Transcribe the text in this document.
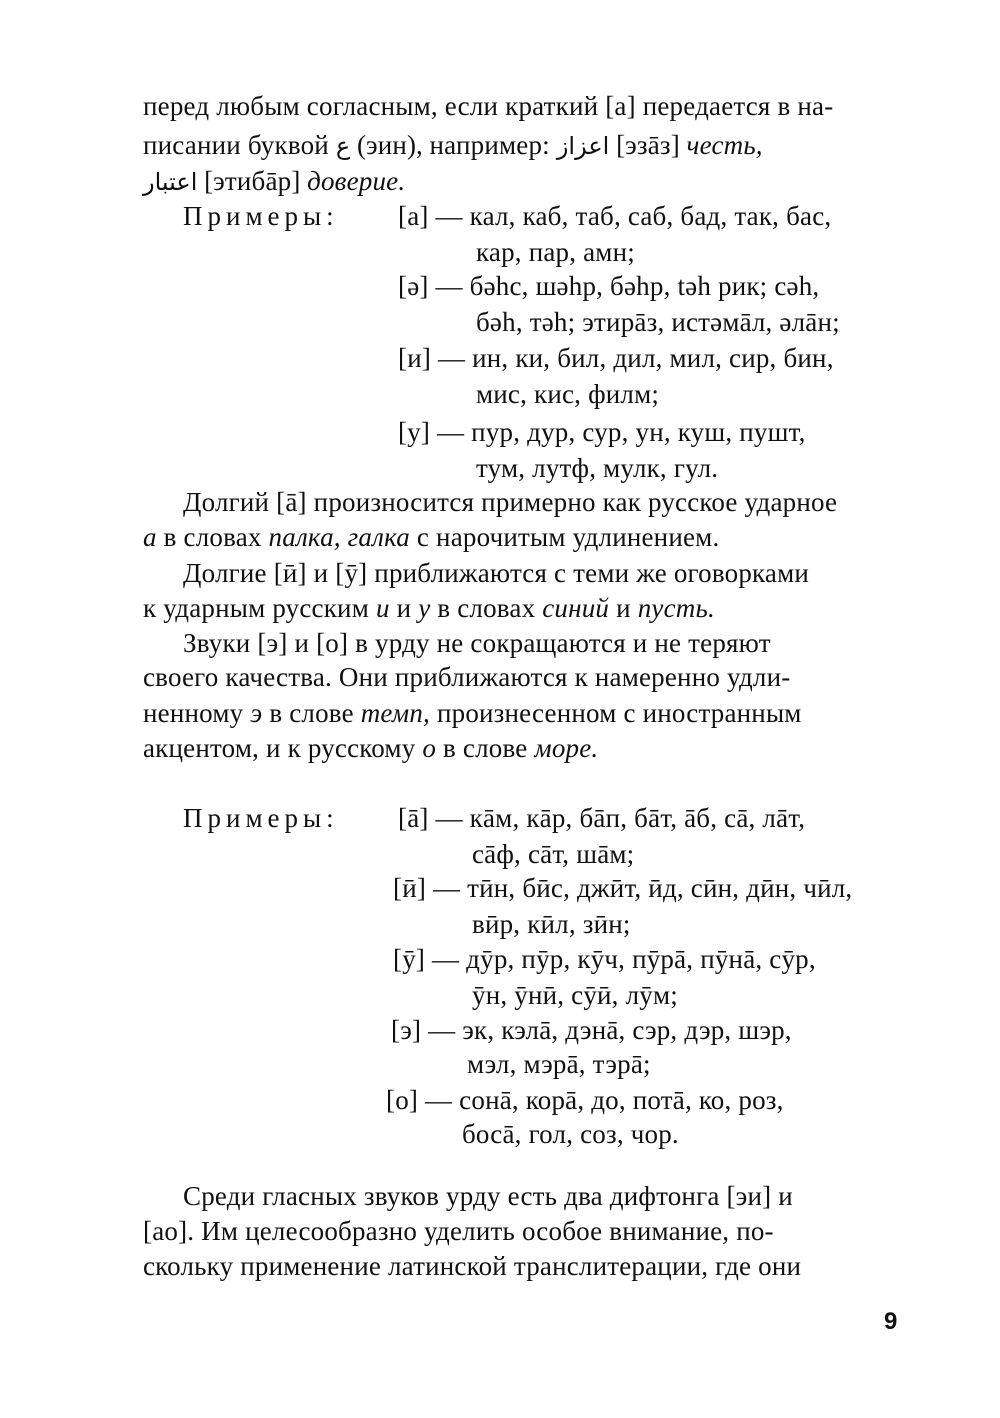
перед любым согласным, если краткий [a] передается в на-
писании буквой ع (эин), например: اعزاز [эзāз] честь,
اعتبار [этибāр] доверие.
Примеры: [a] — кал, каб, таб, саб, бад, так, бас,
кар, пар, амн;
[ə] — бəhс, шəhр, бəhр, təh рик; сəh,
бəh, тəh; этирāз, истəмāл, əлāн;
[и] — ин, ки, бил, дил, мил, сир, бин,
мис, кис, филм;
[у] — пур, дур, сур, ун, куш, пушт,
тум, лутф, мулк, гул.
Долгий [ā] произносится примерно как русское ударное
а в словах палка, галка с нарочитым удлинением.
Долгие [ӣ] и [ӯ] приближаются с теми же оговорками
к ударным русским и и у в словах синий и пусть.
Звуки [э] и [о] в урду не сокращаются и не теряют
своего качества. Они приближаются к намеренно удли-
ненному э в слове темп, произнесенном с иностранным
акцентом, и к русскому о в слове море.
Примеры: [ā] — кāм, кāр, бāп, бāт, āб, сā, лāт,
сāф, сāт, шāм;
[ӣ] — тӣн, бӣс, джӣт, ӣд, сӣн, дӣн, чӣл,
вӣр, кӣл, зӣн;
[ӯ] — дӯр, пӯр, кӯч, пӯрā, пӯнā, сӯр,
ӯн, ӯнӣ, сӯӣ, лӯм;
[э] — эк, кэлā, дэнā, сэр, дэр, шэр,
мэл, мэрā, тэрā;
[о] — сонā, корā, до, потā, ко, роз,
босā, гол, соз, чор.
Среди гласных звуков урду есть два дифтонга [эи] и
[ао]. Им целесообразно уделить особое внимание, по-
скольку применение латинской транслитерации, где они
9
